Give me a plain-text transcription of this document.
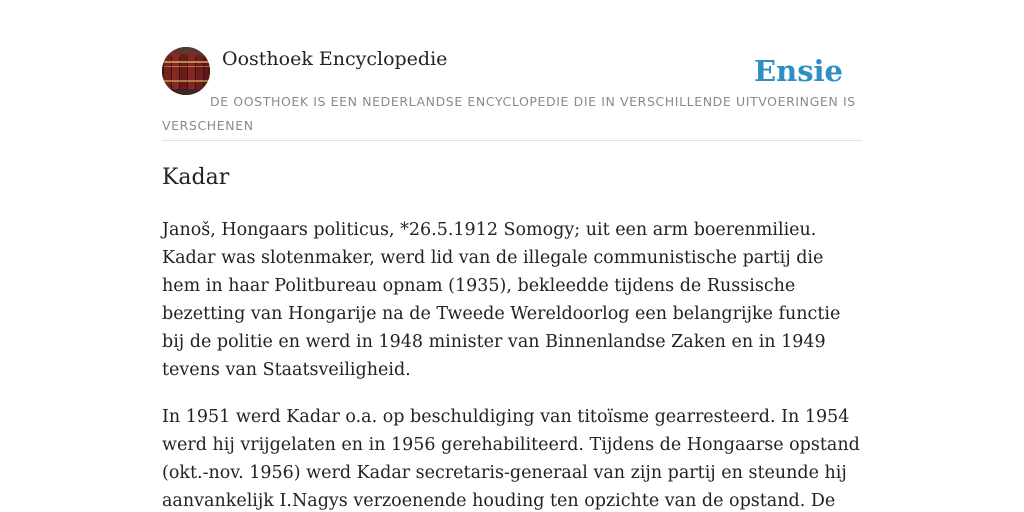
Oosthoek Encyclopedie	Ensie

DE OOSTHOEK IS EEN NEDERLANDSE ENCYCLOPEDIE DIE IN VERSCHILLENDE UITVOERINGEN IS VERSCHENEN

Kadar

Janoš, Hongaars politicus, *26.5.1912 Somogy; uit een arm boerenmilieu. Kadar was slotenmaker, werd lid van de illegale communistische partij die hem in haar Politbureau opnam (1935), bekleedde tijdens de Russische bezetting van Hongarije na de Tweede Wereldoorlog een belangrijke functie bij de politie en werd in 1948 minister van Binnenlandse Zaken en in 1949 tevens van Staatsveiligheid.

In 1951 werd Kadar o.a. op beschuldiging van titoïsme gearresteerd. In 1954 werd hij vrijgelaten en in 1956 gerehabiliteerd. Tijdens de Hongaarse opstand (okt.-nov. 1956) werd Kadar secretaris-generaal van zijn partij en steunde hij aanvankelijk I.Nagys verzoenende houding ten opzichte van de opstand. De
